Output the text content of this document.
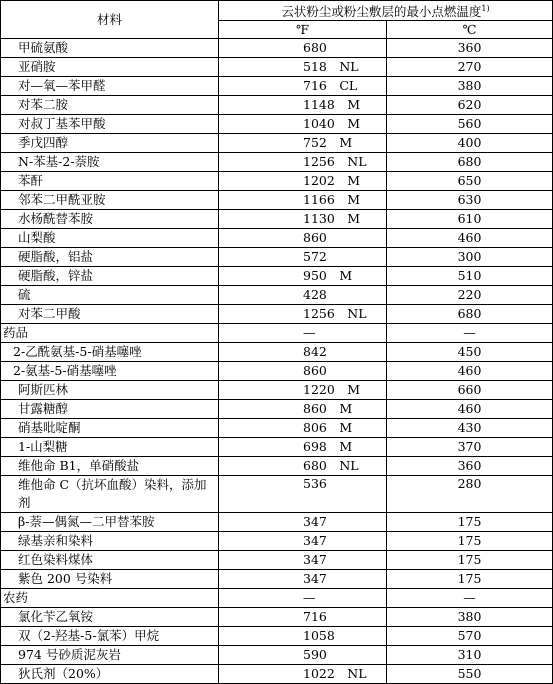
材料	云状粉尘或粉尘敷层的最小点燃温度$^{1)}$
	℉	℃
甲硫氨酸	680	360
亚硝胺	518　NL	270
对—氧—苯甲醛	716　CL	380
对苯二胺	1148　M	620
对叔丁基苯甲酸	1040　M	560
季戊四醇	752　M	400
N-苯基-2-萘胺	1256　NL	680
苯酐	1202　M	650
邻苯二甲酰亚胺	1166　M	630
水杨酰替苯胺	1130　M	610
山梨酸	860	460
硬脂酸，铝盐	572	300
硬脂酸，锌盐	950　M	510
硫	428	220
对苯二甲酸	1256　NL	680
药品	—	—
2-乙酰氨基-5-硝基噻唑	842	450
2-氨基-5-硝基噻唑	860	460
阿斯匹林	1220　M	660
甘露糖醇	860　M	460
硝基吡啶酮	806　M	430
1-山梨糖	698　M	370
维他命 B1，单硝酸盐	680　NL	360
维他命 C（抗坏血酸）染料，添加剂	536	280
β-萘—偶氮—二甲替苯胺	347	175
绿基亲和染料	347	175
红色染料煤体	347	175
紫色 200 号染料	347	175
农药	—	—
氯化苄乙氧铵	716	380
双（2-羟基-5-氯苯）甲烷	1058	570
974 号砂质泥灰岩	590	310
狄氏剂（20%）	1022　NL	550
